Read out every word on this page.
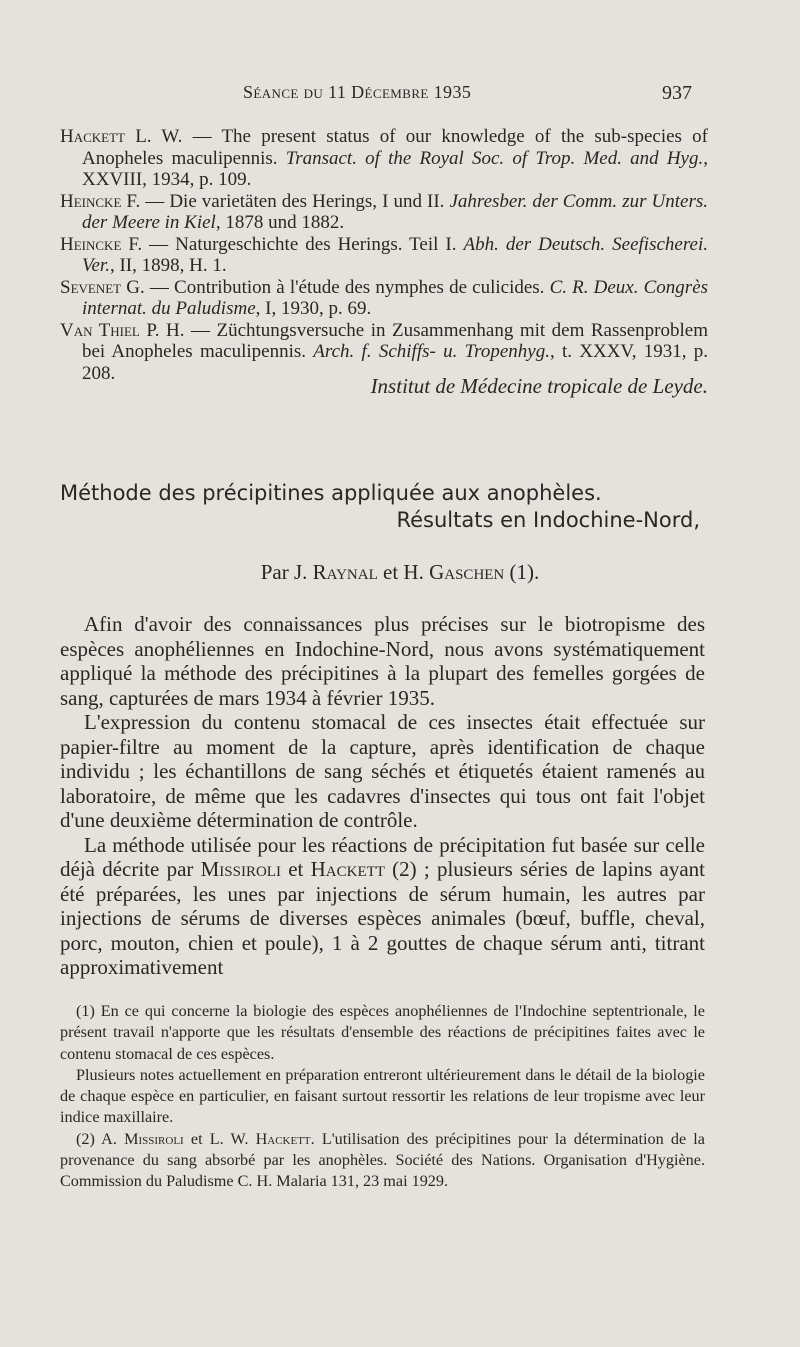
Séance du 11 Décembre 1935	937
Hackett L. W. — The present status of our knowledge of the sub-species of Anopheles maculipennis. Transact. of the Royal Soc. of Trop. Med. and Hyg., XXVIII, 1934, p. 109.
Heincke F. — Die varietäten des Herings, I und II. Jahresber. der Comm. zur Unters. der Meere in Kiel, 1878 und 1882.
Heincke F. — Naturgeschichte des Herings. Teil I. Abh. der Deutsch. Seefischerei. Ver., II, 1898, H. 1.
Sevenet G. — Contribution à l'étude des nymphes de culicides. C. R. Deux. Congrès internat. du Paludisme, I, 1930, p. 69.
Van Thiel P. H. — Züchtungsversuche in Zusammenhang mit dem Rassenproblem bei Anopheles maculipennis. Arch. f. Schiffs- u. Tropenhyg., t. XXXV, 1931, p. 208.
Institut de Médecine tropicale de Leyde.
Méthode des précipitines appliquée aux anophèles.
Résultats en Indochine-Nord,
Par J. Raynal et H. Gaschen (1).

Afin d'avoir des connaissances plus précises sur le biotropisme des espèces anophéliennes en Indochine-Nord, nous avons systématiquement appliqué la méthode des précipitines à la plupart des femelles gorgées de sang, capturées de mars 1934 à février 1935.

L'expression du contenu stomacal de ces insectes était effectuée sur papier-filtre au moment de la capture, après identification de chaque individu ; les échantillons de sang séchés et étiquetés étaient ramenés au laboratoire, de même que les cadavres d'insectes qui tous ont fait l'objet d'une deuxième détermination de contrôle.

La méthode utilisée pour les réactions de précipitation fut basée sur celle déjà décrite par Missiroli et Hackett (2) ; plusieurs séries de lapins ayant été préparées, les unes par injections de sérum humain, les autres par injections de sérums de diverses espèces animales (bœuf, buffle, cheval, porc, mouton, chien et poule), 1 à 2 gouttes de chaque sérum anti, titrant approximativement

(1) En ce qui concerne la biologie des espèces anophéliennes de l'Indochine septentrionale, le présent travail n'apporte que les résultats d'ensemble des réactions de précipitines faites avec le contenu stomacal de ces espèces.

Plusieurs notes actuellement en préparation entreront ultérieurement dans le détail de la biologie de chaque espèce en particulier, en faisant surtout ressortir les relations de leur tropisme avec leur indice maxillaire.

(2) A. Missiroli et L. W. Hackett. L'utilisation des précipitines pour la détermination de la provenance du sang absorbé par les anophèles. Société des Nations. Organisation d'Hygiène. Commission du Paludisme C. H. Malaria 131, 23 mai 1929.
